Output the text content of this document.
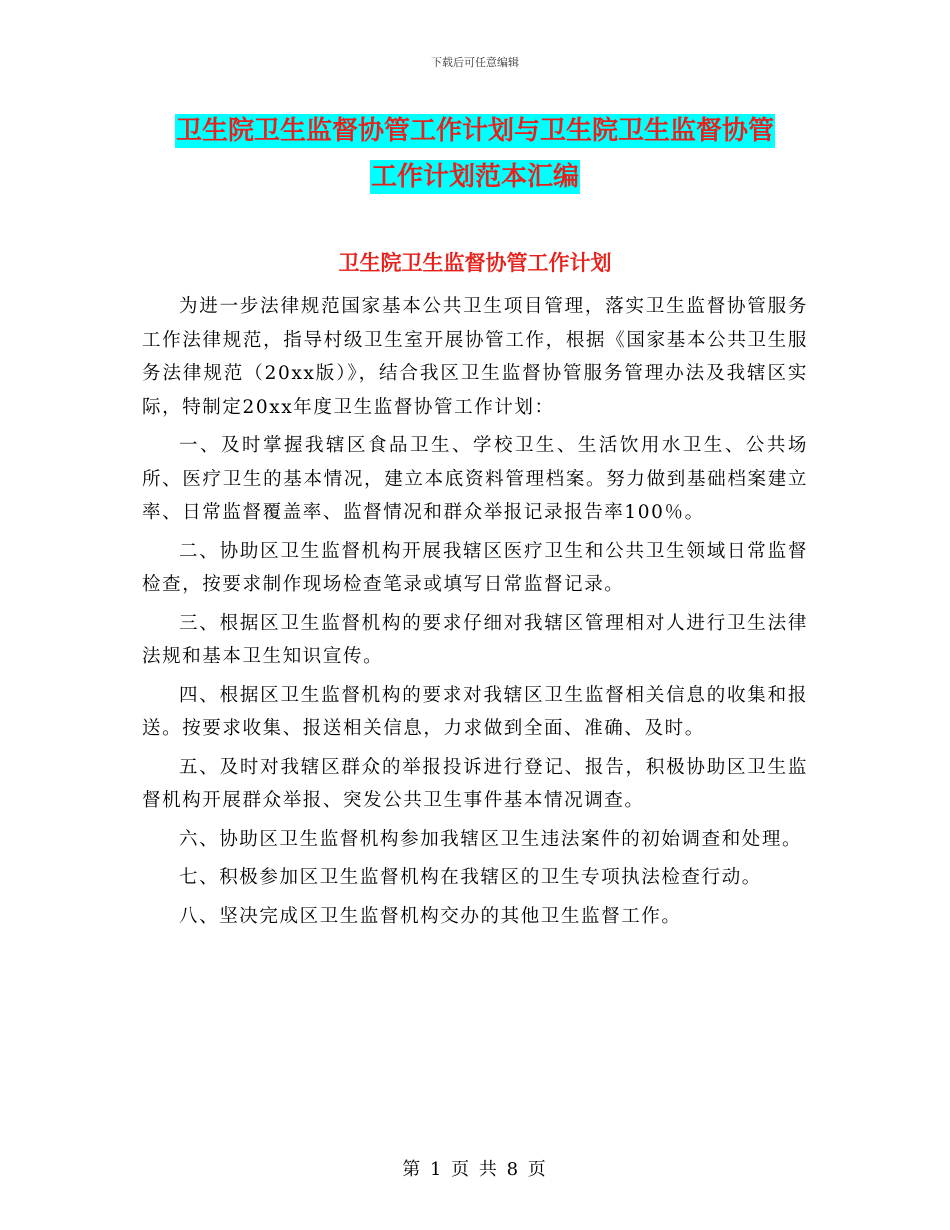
下载后可任意编辑
卫生院卫生监督协管工作计划与卫生院卫生监督协管
工作计划范本汇编
卫生院卫生监督协管工作计划

为进一步法律规范国家基本公共卫生项目管理，落实卫生监督协管服务工作法律规范，指导村级卫生室开展协管工作，根据《国家基本公共卫生服务法律规范（20xx版）》，结合我区卫生监督协管服务管理办法及我辖区实际，特制定20xx年度卫生监督协管工作计划：

一、及时掌握我辖区食品卫生、学校卫生、生活饮用水卫生、公共场所、医疗卫生的基本情况，建立本底资料管理档案。努力做到基础档案建立率、日常监督覆盖率、监督情况和群众举报记录报告率100％。

二、协助区卫生监督机构开展我辖区医疗卫生和公共卫生领域日常监督检查，按要求制作现场检查笔录或填写日常监督记录。

三、根据区卫生监督机构的要求仔细对我辖区管理相对人进行卫生法律法规和基本卫生知识宣传。

四、根据区卫生监督机构的要求对我辖区卫生监督相关信息的收集和报送。按要求收集、报送相关信息，力求做到全面、准确、及时。

五、及时对我辖区群众的举报投诉进行登记、报告，积极协助区卫生监督机构开展群众举报、突发公共卫生事件基本情况调查。

六、协助区卫生监督机构参加我辖区卫生违法案件的初始调查和处理。

七、积极参加区卫生监督机构在我辖区的卫生专项执法检查行动。

八、坚决完成区卫生监督机构交办的其他卫生监督工作。

第 1 页 共 8 页
